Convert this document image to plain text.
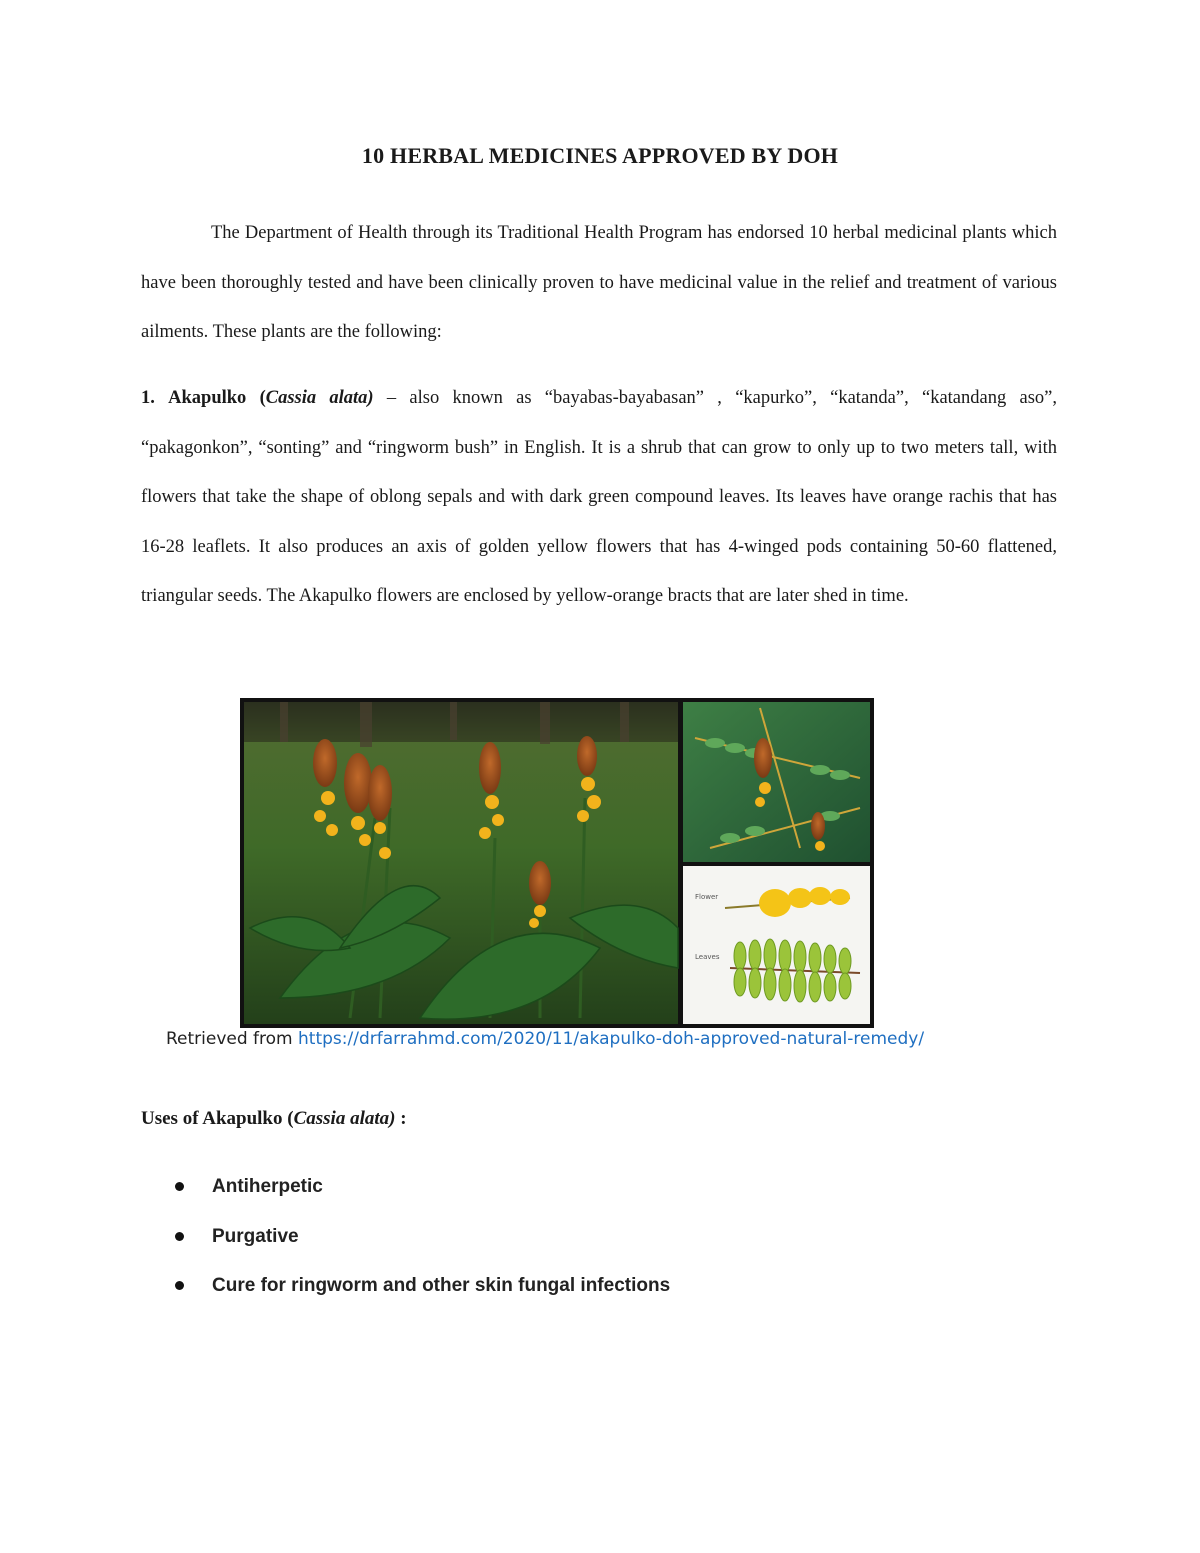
10 HERBAL MEDICINES APPROVED BY DOH

The Department of Health through its Traditional Health Program has endorsed 10 herbal medicinal plants which have been thoroughly tested and have been clinically proven to have medicinal value in the relief and treatment of various ailments. These plants are the following:

1. Akapulko (Cassia alata) – also known as “bayabas-bayabasan” , “kapurko”, “katanda”, “katandang aso”, “pakagonkon”, “sonting” and “ringworm bush” in English. It is a shrub that can grow to only up to two meters tall, with flowers that take the shape of oblong sepals and with dark green compound leaves. Its leaves have orange rachis that has 16-28 leaflets. It also produces an axis of golden yellow flowers that has 4-winged pods containing 50-60 flattened, triangular seeds. The Akapulko flowers are enclosed by yellow-orange bracts that are later shed in time.

Flower
Leaves

Retrieved from https://drfarrahmd.com/2020/11/akapulko-doh-approved-natural-remedy/

Uses of Akapulko (Cassia alata) :

Antiherpetic
Purgative
Cure for ringworm and other skin fungal infections
